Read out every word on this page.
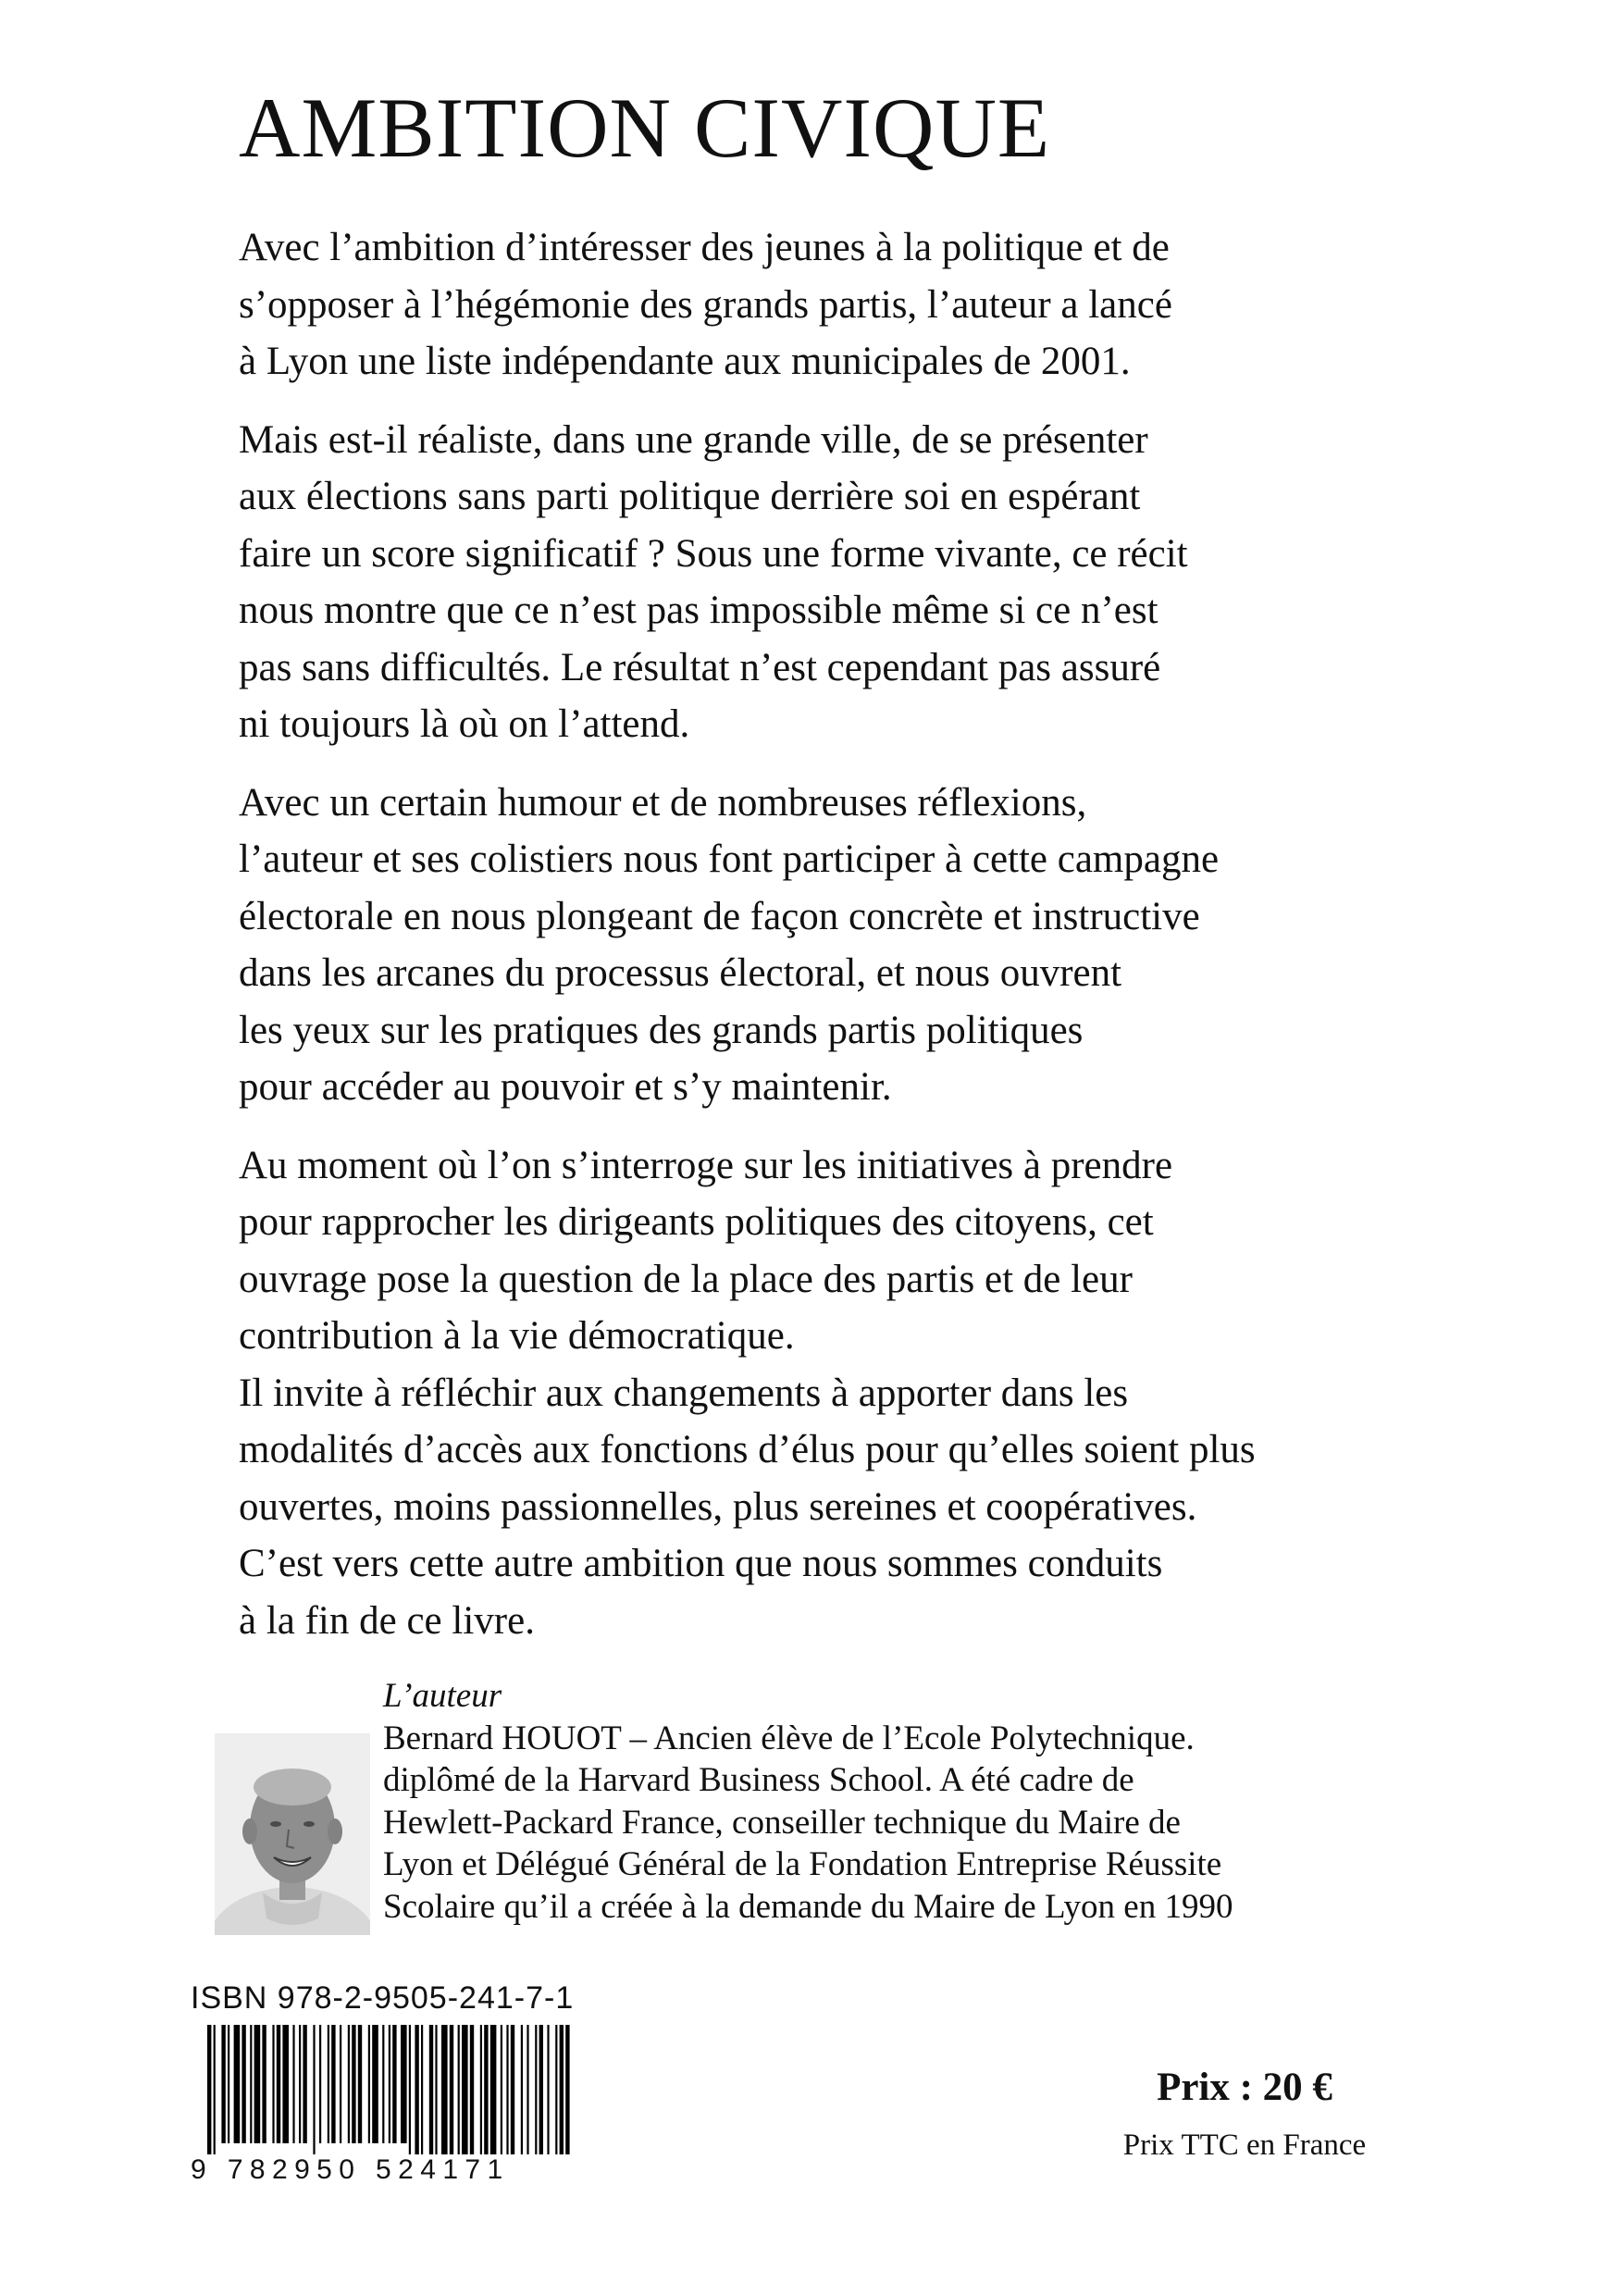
AMBITION CIVIQUE

Avec l’ambition d’intéresser des jeunes à la politique et de
s’opposer à l’hégémonie des grands partis, l’auteur a lancé
à Lyon une liste indépendante aux municipales de 2001.

Mais est-il réaliste, dans une grande ville, de se présenter
aux élections sans parti politique derrière soi en espérant
faire un score significatif ? Sous une forme vivante, ce récit
nous montre que ce n’est pas impossible même si ce n’est
pas sans difficultés. Le résultat n’est cependant pas assuré
ni toujours là où on l’attend.

Avec un certain humour et de nombreuses réflexions,
l’auteur et ses colistiers nous font participer à cette campagne
électorale en nous plongeant de façon concrète et instructive
dans les arcanes du processus électoral, et nous ouvrent
les yeux sur les pratiques des grands partis politiques
pour accéder au pouvoir et s’y maintenir.

Au moment où l’on s’interroge sur les initiatives à prendre
pour rapprocher les dirigeants politiques des citoyens, cet
ouvrage pose la question de la place des partis et de leur
contribution à la vie démocratique.

Il invite à réfléchir aux changements à apporter dans les
modalités d’accès aux fonctions d’élus pour qu’elles soient plus
ouvertes, moins passionnelles, plus sereines et coopératives.
C’est vers cette autre ambition que nous sommes conduits
à la fin de ce livre.

L’auteur
Bernard HOUOT – Ancien élève de l’Ecole Polytechnique.
diplômé de la Harvard Business School. A été cadre de
Hewlett-Packard France, conseiller technique du Maire de
Lyon et Délégué Général de la Fondation Entreprise Réussite
Scolaire qu’il a créée à la demande du Maire de Lyon en 1990
ISBN 978-2-9505-241-7-1
9 782950 524171
Prix : 20 €
Prix TTC en France
